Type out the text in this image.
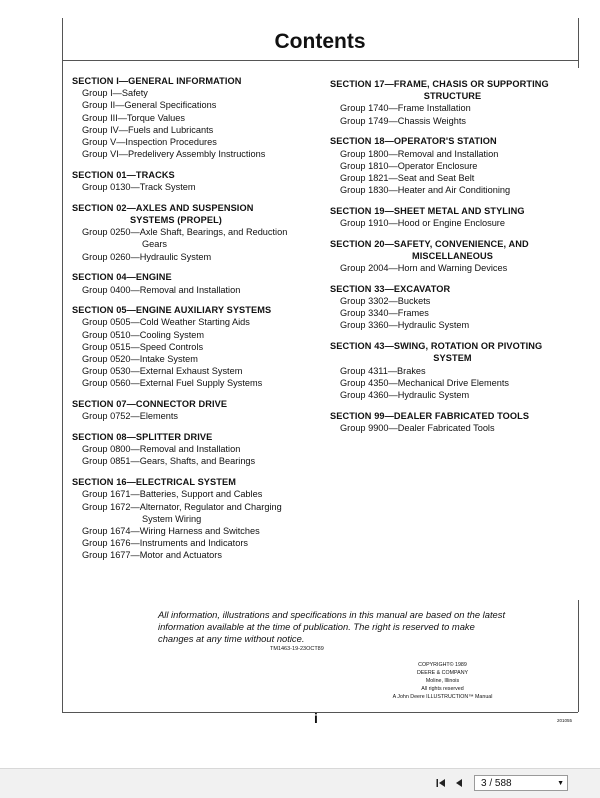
Contents
SECTION I—GENERAL INFORMATION
Group I—Safety
Group II—General Specifications
Group III—Torque Values
Group IV—Fuels and Lubricants
Group V—Inspection Procedures
Group VI—Predelivery Assembly Instructions
SECTION 01—TRACKS
Group 0130—Track System
SECTION 02—AXLES AND SUSPENSION
SYSTEMS (PROPEL)
Group 0250—Axle Shaft, Bearings, and Reduction
Gears
Group 0260—Hydraulic System
SECTION 04—ENGINE
Group 0400—Removal and Installation
SECTION 05—ENGINE AUXILIARY SYSTEMS
Group 0505—Cold Weather Starting Aids
Group 0510—Cooling System
Group 0515—Speed Controls
Group 0520—Intake System
Group 0530—External Exhaust System
Group 0560—External Fuel Supply Systems
SECTION 07—CONNECTOR DRIVE
Group 0752—Elements
SECTION 08—SPLITTER DRIVE
Group 0800—Removal and Installation
Group 0851—Gears, Shafts, and Bearings
SECTION 16—ELECTRICAL SYSTEM
Group 1671—Batteries, Support and Cables
Group 1672—Alternator, Regulator and Charging
System Wiring
Group 1674—Wiring Harness and Switches
Group 1676—Instruments and Indicators
Group 1677—Motor and Actuators
SECTION 17—FRAME, CHASIS OR SUPPORTING
STRUCTURE
Group 1740—Frame Installation
Group 1749—Chassis Weights
SECTION 18—OPERATOR'S STATION
Group 1800—Removal and Installation
Group 1810—Operator Enclosure
Group 1821—Seat and Seat Belt
Group 1830—Heater and Air Conditioning
SECTION 19—SHEET METAL AND STYLING
Group 1910—Hood or Engine Enclosure
SECTION 20—SAFETY, CONVENIENCE, AND
MISCELLANEOUS
Group 2004—Horn and Warning Devices
SECTION 33—EXCAVATOR
Group 3302—Buckets
Group 3340—Frames
Group 3360—Hydraulic System
SECTION 43—SWING, ROTATION OR PIVOTING
SYSTEM
Group 4311—Brakes
Group 4350—Mechanical Drive Elements
Group 4360—Hydraulic System
SECTION 99—DEALER FABRICATED TOOLS
Group 9900—Dealer Fabricated Tools
All information, illustrations and specifications in this manual are based on the latest information available at the time of publication. The right is reserved to make changes at any time without notice.
TM1463-19-23OCT89
COPYRIGHT© 1989
DEERE & COMPANY
Moline, Illinois
All rights reserved
A John Deere ILLUSTRUCTION™ Manual
i	201055
3 / 588	▼
